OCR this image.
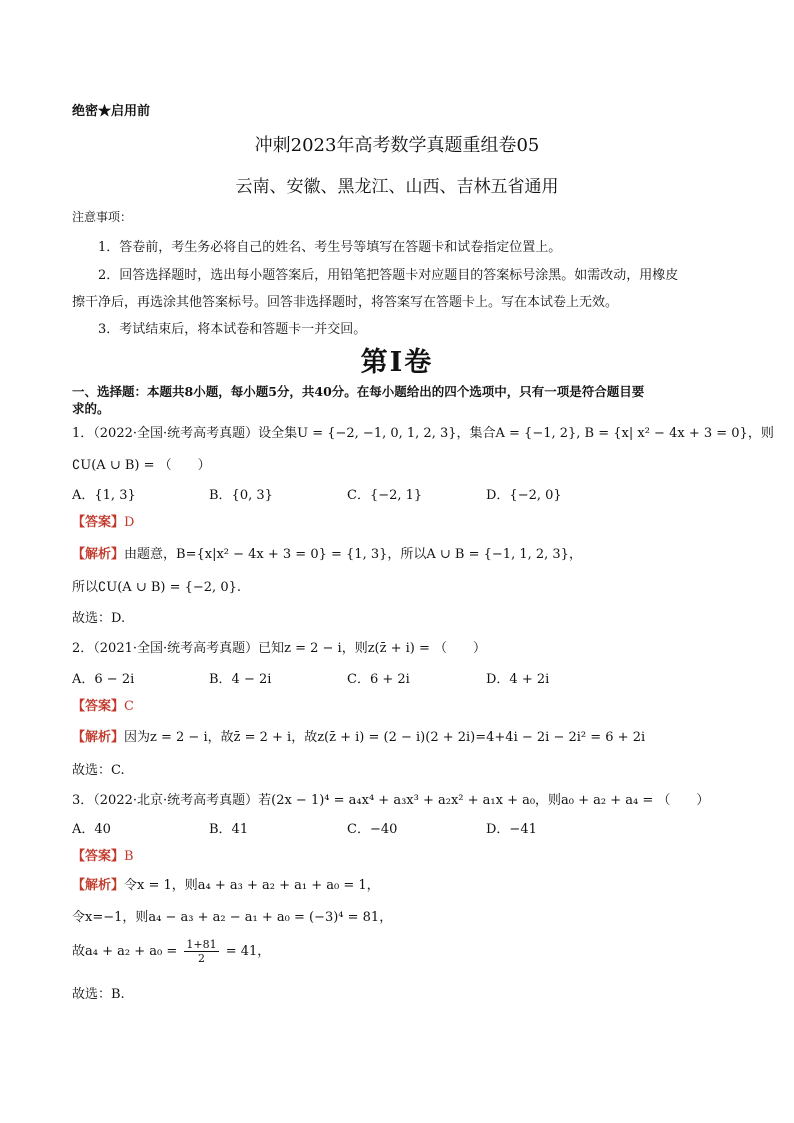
绝密★启用前
冲刺2023年高考数学真题重组卷05
云南、安徽、黑龙江、山西、吉林五省通用
注意事项：
1．答卷前，考生务必将自己的姓名、考生号等填写在答题卡和试卷指定位置上。
2．回答选择题时，选出每小题答案后，用铅笔把答题卡对应题目的答案标号涂黑。如需改动，用橡皮
擦干净后，再选涂其他答案标号。回答非选择题时，将答案写在答题卡上。写在本试卷上无效。
3．考试结束后，将本试卷和答题卡一并交回。
第I卷
一、选择题：本题共8小题，每小题5分，共40分。在每小题给出的四个选项中，只有一项是符合题目要
求的。
1．（2022·全国·统考高考真题）设全集U = {−2, −1, 0, 1, 2, 3}，集合A = {−1, 2}, B = {x| x² − 4x + 3 = 0}，则
∁U(A ∪ B) = （　　）
A．{1, 3}	B．{0, 3}	C．{−2, 1}	D．{−2, 0}
【答案】D
【解析】由题意，B={x|x² − 4x + 3 = 0} = {1, 3}，所以A ∪ B = {−1, 1, 2, 3}，
所以∁U(A ∪ B) = {−2, 0}.
故选：D.
2．（2021·全国·统考高考真题）已知z = 2 − i，则z(z̄ + i) = （　　）
A．6 − 2i	B．4 − 2i	C．6 + 2i	D．4 + 2i
【答案】C
【解析】因为z = 2 − i，故z̄ = 2 + i，故z(z̄ + i) = (2 − i)(2 + 2i)=4+4i − 2i − 2i² = 6 + 2i
故选：C.
3．（2022·北京·统考高考真题）若(2x − 1)⁴ = a₄x⁴ + a₃x³ + a₂x² + a₁x + a₀，则a₀ + a₂ + a₄ = （　　）
A．40	B．41	C．−40	D．−41
【答案】B
【解析】令x = 1，则a₄ + a₃ + a₂ + a₁ + a₀ = 1，
令x=−1，则a₄ − a₃ + a₂ − a₁ + a₀ = (−3)⁴ = 81，
故$a_4 + a_2 + a_0 = \frac{1+81}{2} = 41$，
故选：B.
